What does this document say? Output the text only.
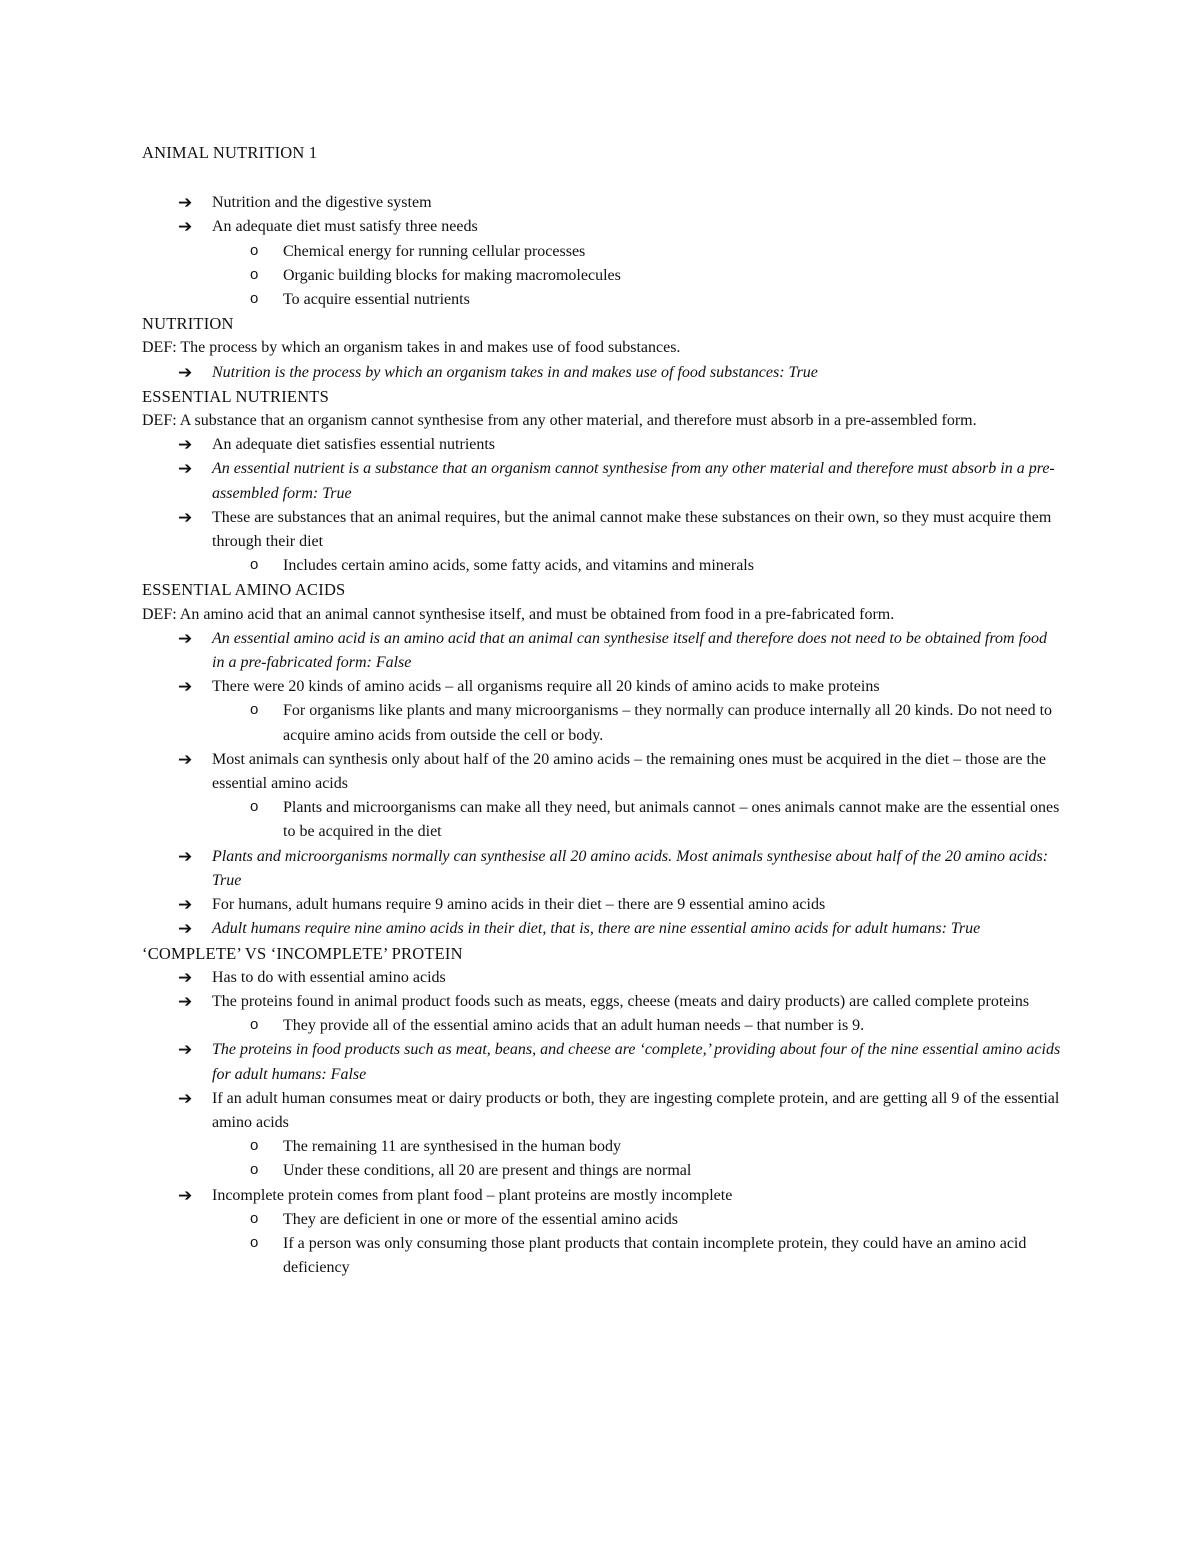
ANIMAL NUTRITION 1
➔ Nutrition and the digestive system
➔ An adequate diet must satisfy three needs
o Chemical energy for running cellular processes
o Organic building blocks for making macromolecules
o To acquire essential nutrients
NUTRITION
DEF: The process by which an organism takes in and makes use of food substances.
➔ Nutrition is the process by which an organism takes in and makes use of food substances: True
ESSENTIAL NUTRIENTS
DEF: A substance that an organism cannot synthesise from any other material, and therefore must absorb in a pre-assembled form.
➔ An adequate diet satisfies essential nutrients
➔ An essential nutrient is a substance that an organism cannot synthesise from any other material and therefore must absorb in a pre-assembled form: True
➔ These are substances that an animal requires, but the animal cannot make these substances on their own, so they must acquire them through their diet
o Includes certain amino acids, some fatty acids, and vitamins and minerals
ESSENTIAL AMINO ACIDS
DEF: An amino acid that an animal cannot synthesise itself, and must be obtained from food in a pre-fabricated form.
➔ An essential amino acid is an amino acid that an animal can synthesise itself and therefore does not need to be obtained from food in a pre-fabricated form: False
➔ There were 20 kinds of amino acids – all organisms require all 20 kinds of amino acids to make proteins
o For organisms like plants and many microorganisms – they normally can produce internally all 20 kinds. Do not need to acquire amino acids from outside the cell or body.
➔ Most animals can synthesis only about half of the 20 amino acids – the remaining ones must be acquired in the diet – those are the essential amino acids
o Plants and microorganisms can make all they need, but animals cannot – ones animals cannot make are the essential ones to be acquired in the diet
➔ Plants and microorganisms normally can synthesise all 20 amino acids. Most animals synthesise about half of the 20 amino acids: True
➔ For humans, adult humans require 9 amino acids in their diet – there are 9 essential amino acids
➔ Adult humans require nine amino acids in their diet, that is, there are nine essential amino acids for adult humans: True
‘COMPLETE’ VS ‘INCOMPLETE’ PROTEIN
➔ Has to do with essential amino acids
➔ The proteins found in animal product foods such as meats, eggs, cheese (meats and dairy products) are called complete proteins
o They provide all of the essential amino acids that an adult human needs – that number is 9.
➔ The proteins in food products such as meat, beans, and cheese are ‘complete,’ providing about four of the nine essential amino acids for adult humans: False
➔ If an adult human consumes meat or dairy products or both, they are ingesting complete protein, and are getting all 9 of the essential amino acids
o The remaining 11 are synthesised in the human body
o Under these conditions, all 20 are present and things are normal
➔ Incomplete protein comes from plant food – plant proteins are mostly incomplete
o They are deficient in one or more of the essential amino acids
o If a person was only consuming those plant products that contain incomplete protein, they could have an amino acid deficiency
